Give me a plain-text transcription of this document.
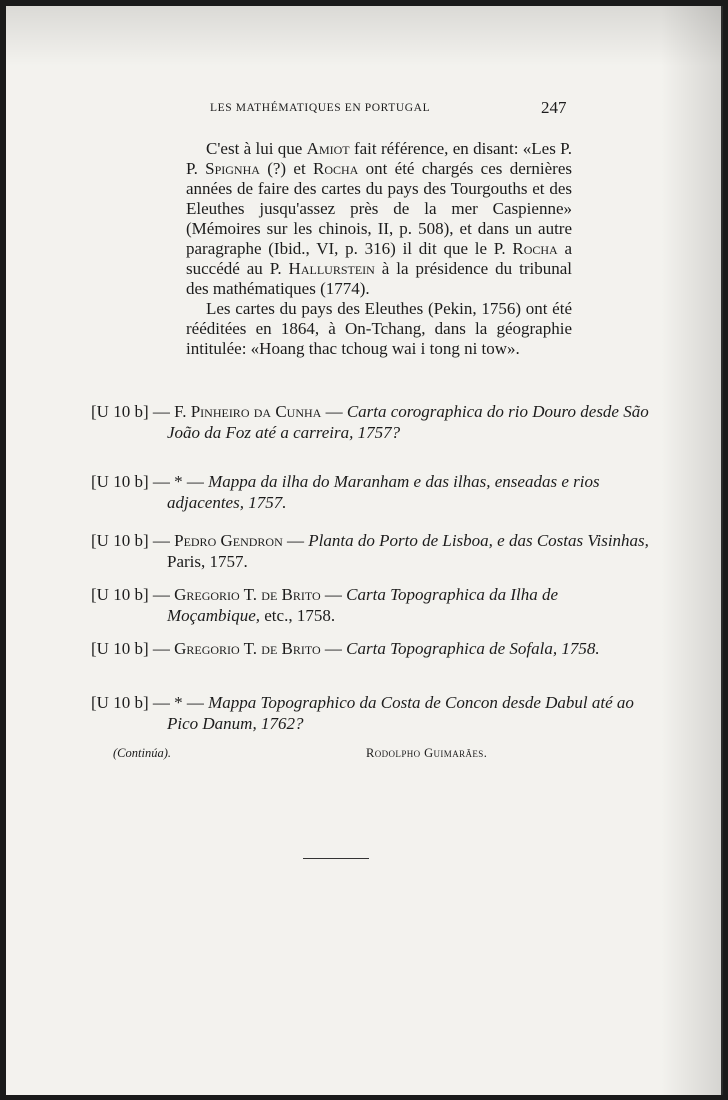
LES MATHÉMATIQUES EN PORTUGAL	247

C'est à lui que Amiot fait référence, en disant: «Les P. P. Spignha (?) et Rocha ont été chargés ces dernières années de faire des cartes du pays des Tourgouths et des Eleuthes jusqu'assez près de la mer Caspienne» (Mémoires sur les chinois, II, p. 508), et dans un autre paragraphe (Ibid., VI, p. 316) il dit que le P. Rocha a succédé au P. Hallurstein à la présidence du tribunal des mathématiques (1774).

Les cartes du pays des Eleuthes (Pekin, 1756) ont été rééditées en 1864, à On-Tchang, dans la géographie intitulée: «Hoang thac tchoug wai i tong ni tow».

[U 10 b] — F. Pinheiro da Cunha — Carta corographica do rio Douro desde São João da Foz até a carreira, 1757?
[U 10 b] — * — Mappa da ilha do Maranham e das ilhas, enseadas e rios adjacentes, 1757.
[U 10 b] — Pedro Gendron — Planta do Porto de Lisboa, e das Costas Visinhas, Paris, 1757.
[U 10 b] — Gregorio T. de Brito — Carta Topographica da Ilha de Moçambique, etc., 1758.
[U 10 b] — Gregorio T. de Brito — Carta Topographica de Sofala, 1758.
[U 10 b] — * — Mappa Topographico da Costa de Concon desde Dabul até ao Pico Danum, 1762?
(Continúa).	Rodolpho Guimarães.
